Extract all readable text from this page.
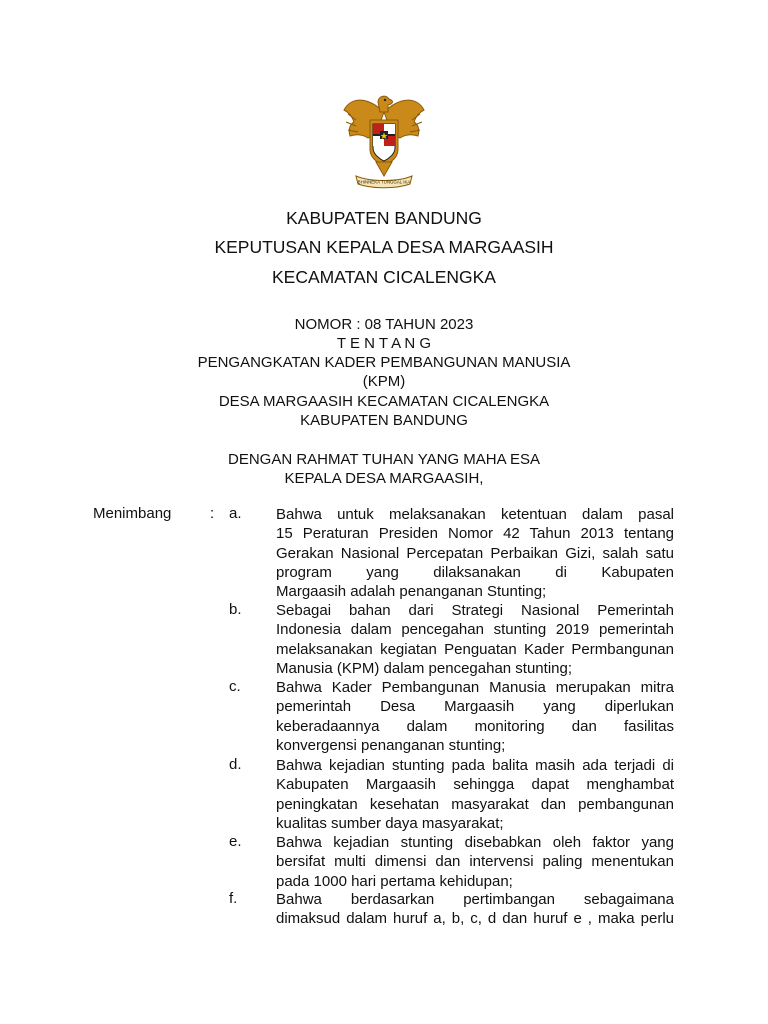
BHINNEKA TUNGGAL IKA
KABUPATEN BANDUNG
KEPUTUSAN KEPALA DESA MARGAASIH
KECAMATAN CICALENGKA
NOMOR : 08 TAHUN 2023
T E N T A N G
PENGANGKATAN KADER PEMBANGUNAN MANUSIA
(KPM)
DESA MARGAASIH KECAMATAN CICALENGKA
KABUPATEN BANDUNG
DENGAN RAHMAT TUHAN YANG MAHA ESA
KEPALA DESA MARGAASIH,
Menimbang	: a. Bahwa untuk melaksanakan ketentuan dalam pasal
15 Peraturan Presiden Nomor 42 Tahun 2013 tentang
Gerakan Nasional Percepatan Perbaikan Gizi, salah satu
program yang dilaksanakan di Kabupaten
Margaasih adalah penanganan Stunting;
b. Sebagai bahan dari Strategi Nasional Pemerintah
Indonesia dalam pencegahan stunting 2019 pemerintah
melaksanakan kegiatan Penguatan Kader Permbangunan
Manusia (KPM) dalam pencegahan stunting;
c. Bahwa Kader Pembangunan Manusia merupakan mitra
pemerintah Desa Margaasih yang diperlukan
keberadaannya dalam monitoring dan fasilitas
konvergensi penanganan stunting;
d. Bahwa kejadian stunting pada balita masih ada terjadi di
Kabupaten Margaasih sehingga dapat menghambat
peningkatan kesehatan masyarakat dan pembangunan
kualitas sumber daya masyarakat;
e. Bahwa kejadian stunting disebabkan oleh faktor yang
bersifat multi dimensi dan intervensi paling menentukan
pada 1000 hari pertama kehidupan;
f.	Bahwa berdasarkan pertimbangan sebagaimana
dimaksud dalam huruf a, b, c, d dan huruf e , maka perlu
